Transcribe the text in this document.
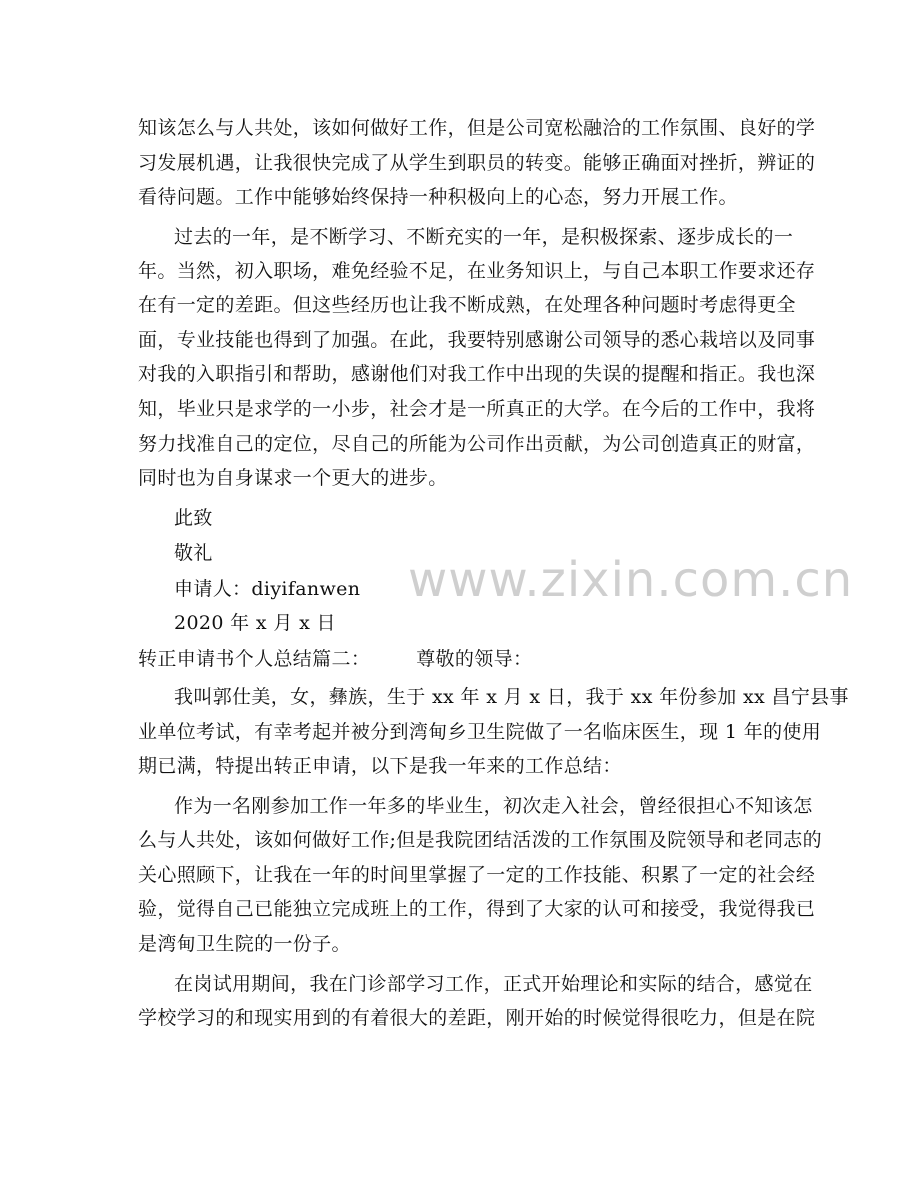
知该怎么与人共处，该如何做好工作，但是公司宽松融洽的工作氛围、良好的学
习发展机遇，让我很快完成了从学生到职员的转变。能够正确面对挫折，辨证的
看待问题。工作中能够始终保持一种积极向上的心态，努力开展工作。
过去的一年，是不断学习、不断充实的一年，是积极探索、逐步成长的一
年。当然，初入职场，难免经验不足，在业务知识上，与自己本职工作要求还存
在有一定的差距。但这些经历也让我不断成熟，在处理各种问题时考虑得更全
面，专业技能也得到了加强。在此，我要特别感谢公司领导的悉心栽培以及同事
对我的入职指引和帮助，感谢他们对我工作中出现的失误的提醒和指正。我也深
知，毕业只是求学的一小步，社会才是一所真正的大学。在今后的工作中，我将
努力找准自己的定位，尽自己的所能为公司作出贡献，为公司创造真正的财富，
同时也为自身谋求一个更大的进步。
此致
敬礼
申请人：diyifanwen
2020 年 x 月 x 日
转正申请书个人总结篇二： 尊敬的领导：
我叫郭仕美，女，彝族，生于 xx 年 x 月 x 日，我于 xx 年份参加 xx 昌宁县事
业单位考试，有幸考起并被分到湾甸乡卫生院做了一名临床医生，现 1 年的使用
期已满，特提出转正申请，以下是我一年来的工作总结：
作为一名刚参加工作一年多的毕业生，初次走入社会，曾经很担心不知该怎
么与人共处，该如何做好工作;但是我院团结活泼的工作氛围及院领导和老同志的
关心照顾下，让我在一年的时间里掌握了一定的工作技能、积累了一定的社会经
验，觉得自己已能独立完成班上的工作，得到了大家的认可和接受，我觉得我已
是湾甸卫生院的一份子。
在岗试用期间，我在门诊部学习工作，正式开始理论和实际的结合，感觉在
学校学习的和现实用到的有着很大的差距，刚开始的时候觉得很吃力，但是在院
www.zixin.com.cn
